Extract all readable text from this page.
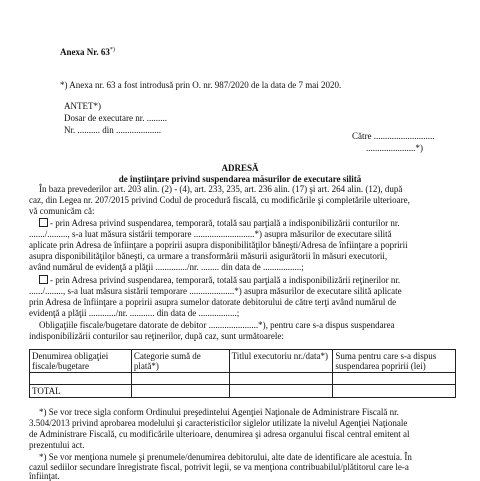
Anexa Nr. 63*)
*) Anexa nr. 63 a fost introdusă prin O. nr. 987/2020 de la data de 7 mai 2020.
ANTET*)
Dosar de executare nr. .........
Nr. .......... din ....................
Către ...........................
......................*)
ADRESĂ
de înştiinţare privind suspendarea măsurilor de executare silită
În baza prevederilor art. 203 alin. (2) - (4), art. 233, 235, art. 236 alin. (17) şi art. 264 alin. (12), după
caz, din Legea nr. 207/2015 privind Codul de procedură fiscală, cu modificările şi completările ulterioare,
vă comunicăm că:
- prin Adresa privind suspendarea, temporară, totală sau parţială a indisponibilizării conturilor nr.
......./........., s-a luat măsura sistării temporare ...........................*) asupra măsurilor de executare silită
aplicate prin Adresa de înfiinţare a popririi asupra disponibilităţilor băneşti/Adresa de înfiinţare a popririi
asupra disponibilităţilor băneşti, ca urmare a transformării măsurii asigurătorii în măsuri executorii,
având numărul de evidenţă a plăţii ............../nr. ........ din data de .................;
- prin Adresa privind suspendarea, temporară, totală sau parţială a indisponibilizării reţinerilor nr.
....../........, s-a luat măsura sistării temporare ....................*) asupra măsurilor de executare silită aplicate
prin Adresa de înfiinţare a popririi asupra sumelor datorate debitorului de către terţi având numărul de
evidenţă a plăţii ............/nr. ........... din data de .................;
Obligaţiile fiscale/bugetare datorate de debitor ......................*), pentru care s-a dispus suspendarea
indisponibilizării conturilor sau reţinerilor, după caz, sunt următoarele:
Denumirea obligaţiei fiscale/bugetare	Categorie sumă de plată*)	Titlul executoriu nr./data*)	Suma pentru care s-a dispus suspendarea popririi (lei)

TOTAL			
*) Se vor trece sigla conform Ordinului preşedintelui Agenţiei Naţionale de Administrare Fiscală nr.
3.504/2013 privind aprobarea modelului şi caracteristicilor siglelor utilizate la nivelul Agenţiei Naţionale
de Administrare Fiscală, cu modificările ulterioare, denumirea şi adresa organului fiscal central emitent al
prezentului act.
*) Se vor menţiona numele şi prenumele/denumirea debitorului, alte date de identificare ale acestuia. În
cazul sediilor secundare înregistrate fiscal, potrivit legii, se va menţiona contribuabilul/plătitorul care le-a
înfiinţat.
